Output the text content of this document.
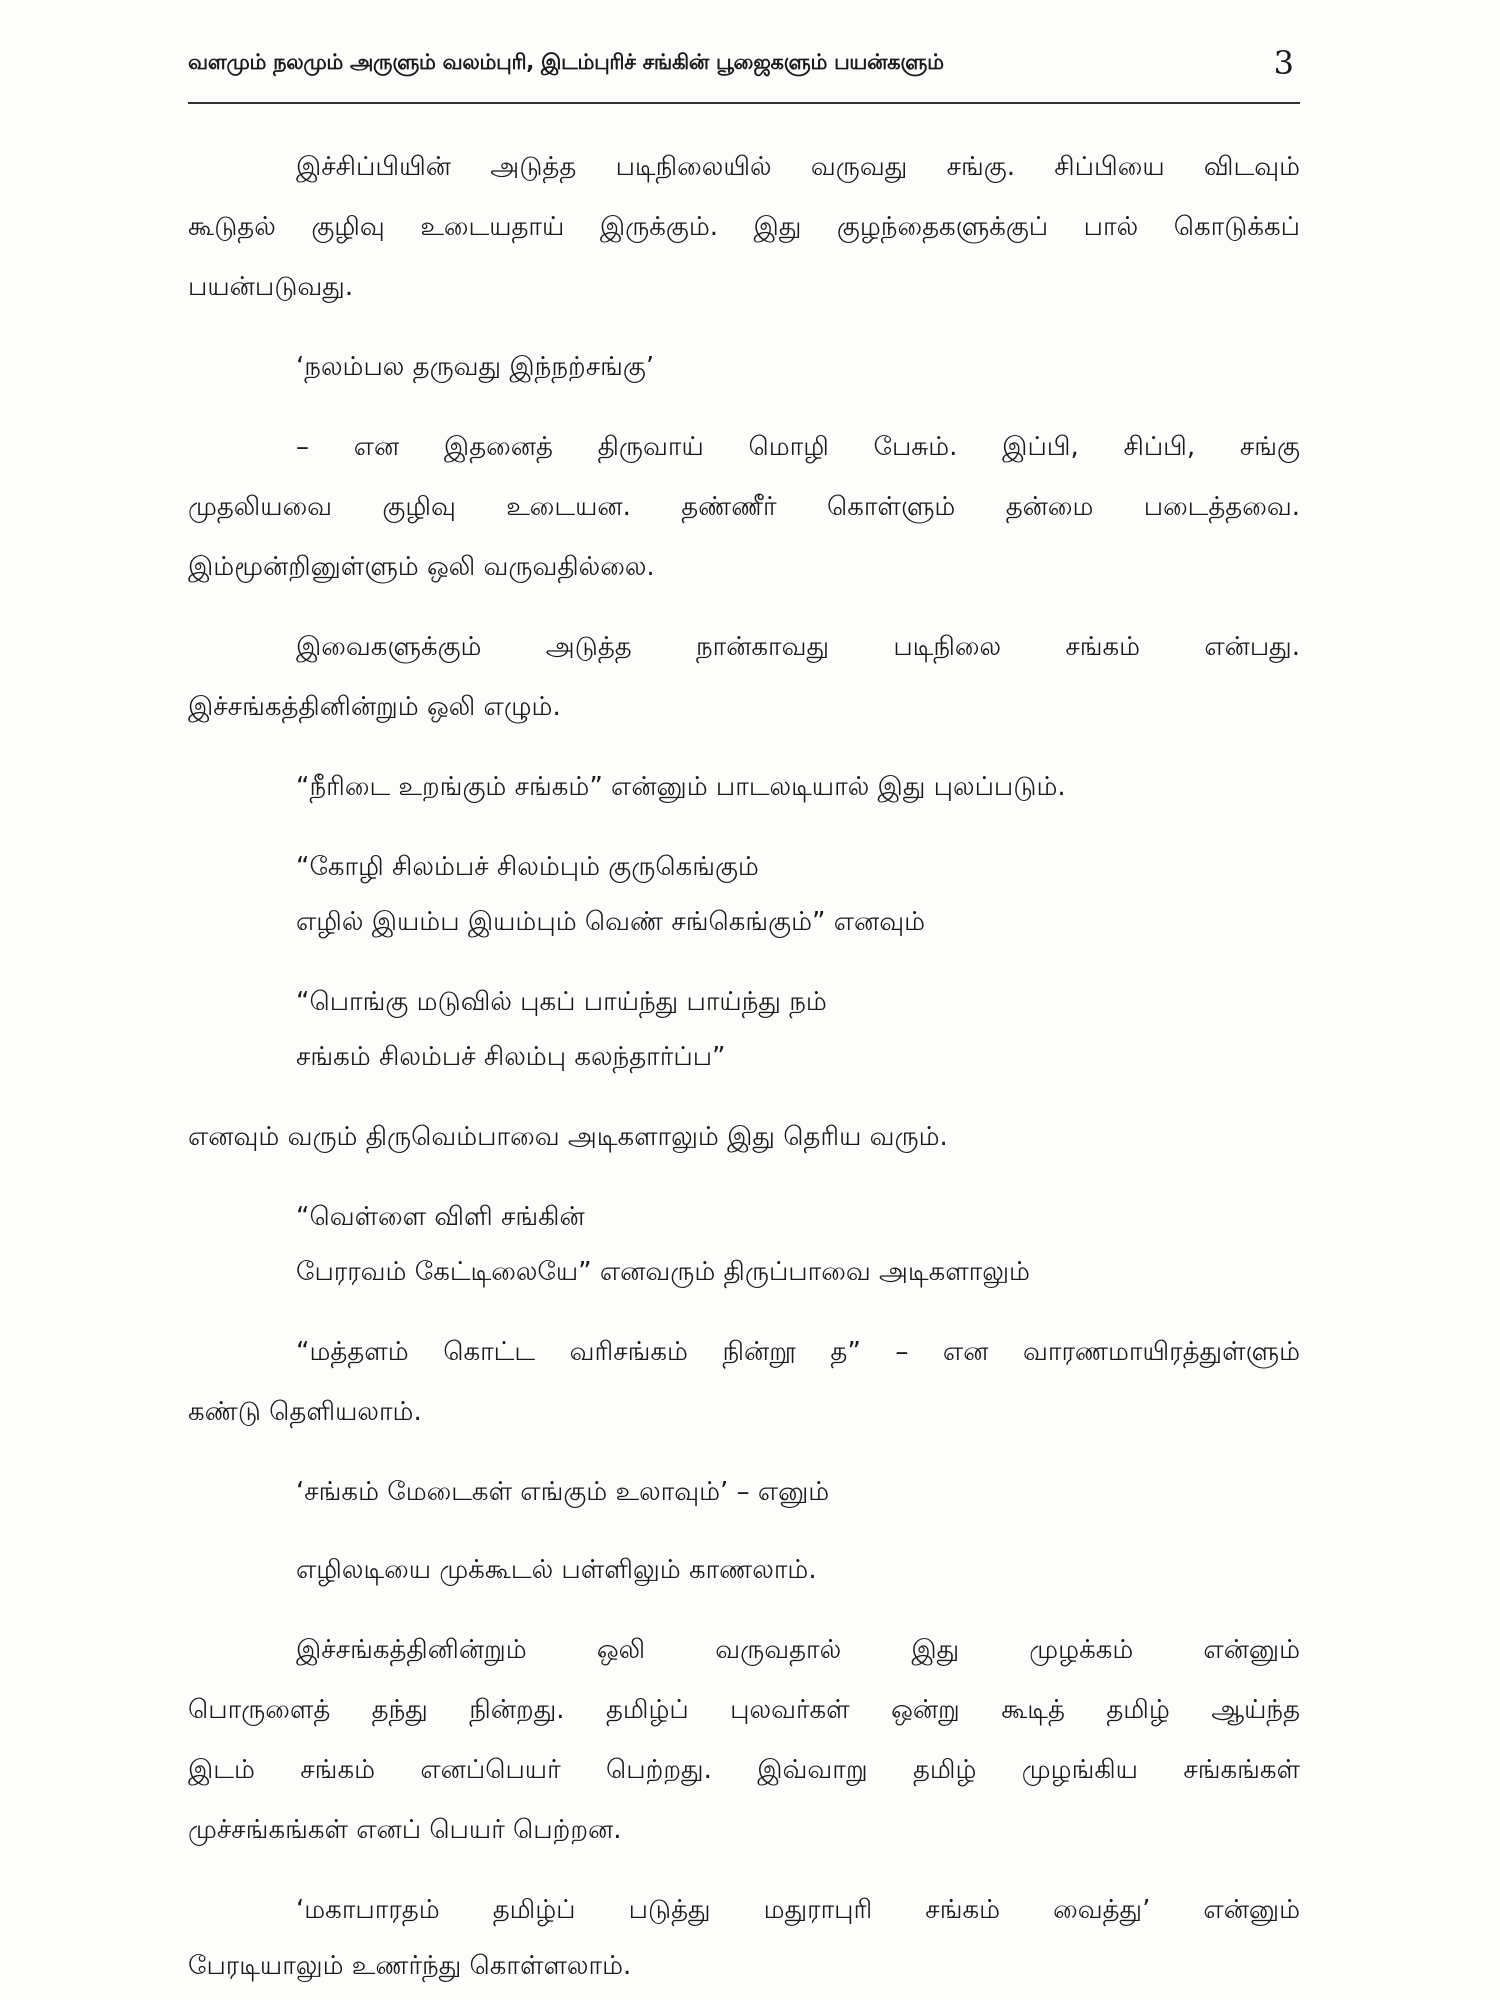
வளமும் நலமும் அருளும் வலம்புரி, இடம்புரிச் சங்கின் பூஜைகளும் பயன்களும்	3
இச்சிப்பியின் அடுத்த படிநிலையில் வருவது சங்கு. சிப்பியை விடவும்
கூடுதல் குழிவு உடையதாய் இருக்கும். இது குழந்தைகளுக்குப் பால் கொடுக்கப்
பயன்படுவது.
‘நலம்பல தருவது இந்நற்சங்கு’
– என இதனைத் திருவாய் மொழி பேசும். இப்பி, சிப்பி, சங்கு
முதலியவை குழிவு உடையன. தண்ணீர் கொள்ளும் தன்மை படைத்தவை.
இம்மூன்றினுள்ளும் ஒலி வருவதில்லை.
இவைகளுக்கும் அடுத்த நான்காவது படிநிலை சங்கம் என்பது.
இச்சங்கத்தினின்றும் ஒலி எழும்.
“நீரிடை உறங்கும் சங்கம்” என்னும் பாடலடியால் இது புலப்படும்.
“கோழி சிலம்பச் சிலம்பும் குருகெங்கும்
எழில் இயம்ப இயம்பும் வெண் சங்கெங்கும்” எனவும்
“பொங்கு மடுவில் புகப் பாய்ந்து பாய்ந்து நம்
சங்கம் சிலம்பச் சிலம்பு கலந்தார்ப்ப”
எனவும் வரும் திருவெம்பாவை அடிகளாலும் இது தெரிய வரும்.
“வெள்ளை விளி சங்கின்
பேரரவம் கேட்டிலையே” எனவரும் திருப்பாவை அடிகளாலும்
“மத்தளம் கொட்ட வரிசங்கம் நின்றூ த” – என வாரணமாயிரத்துள்ளும்
கண்டு தெளியலாம்.
‘சங்கம் மேடைகள் எங்கும் உலாவும்’ – எனும்
எழிலடியை முக்கூடல் பள்ளிலும் காணலாம்.
இச்சங்கத்தினின்றும் ஒலி வருவதால் இது முழக்கம் என்னும்
பொருளைத் தந்து நின்றது. தமிழ்ப் புலவர்கள் ஒன்று கூடித் தமிழ் ஆய்ந்த
இடம் சங்கம் எனப்பெயர் பெற்றது. இவ்வாறு தமிழ் முழங்கிய சங்கங்கள்
முச்சங்கங்கள் எனப் பெயர் பெற்றன.
‘மகாபாரதம் தமிழ்ப் படுத்து மதுராபுரி சங்கம் வைத்து’ என்னும்
பேரடியாலும் உணர்ந்து கொள்ளலாம்.
